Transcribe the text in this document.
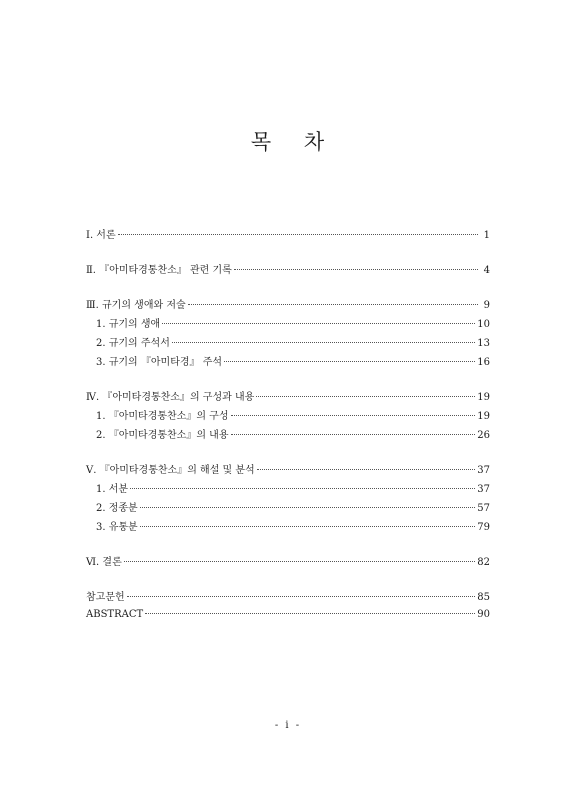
목 차
Ⅰ. 서론	1
Ⅱ. 『아미타경통찬소』 관련 기록	4
Ⅲ. 규기의 생애와 저술	9
1. 규기의 생애	10
2. 규기의 주석서	13
3. 규기의 『아미타경』 주석	16
Ⅳ. 『아미타경통찬소』의 구성과 내용	19
1. 『아미타경통찬소』의 구성	19
2. 『아미타경통찬소』의 내용	26
Ⅴ. 『아미타경통찬소』의 해설 및 분석	37
1. 서분	37
2. 정종분	57
3. 유통분	79
Ⅵ. 결론	82
참고문헌	85
ABSTRACT	90
- i -
